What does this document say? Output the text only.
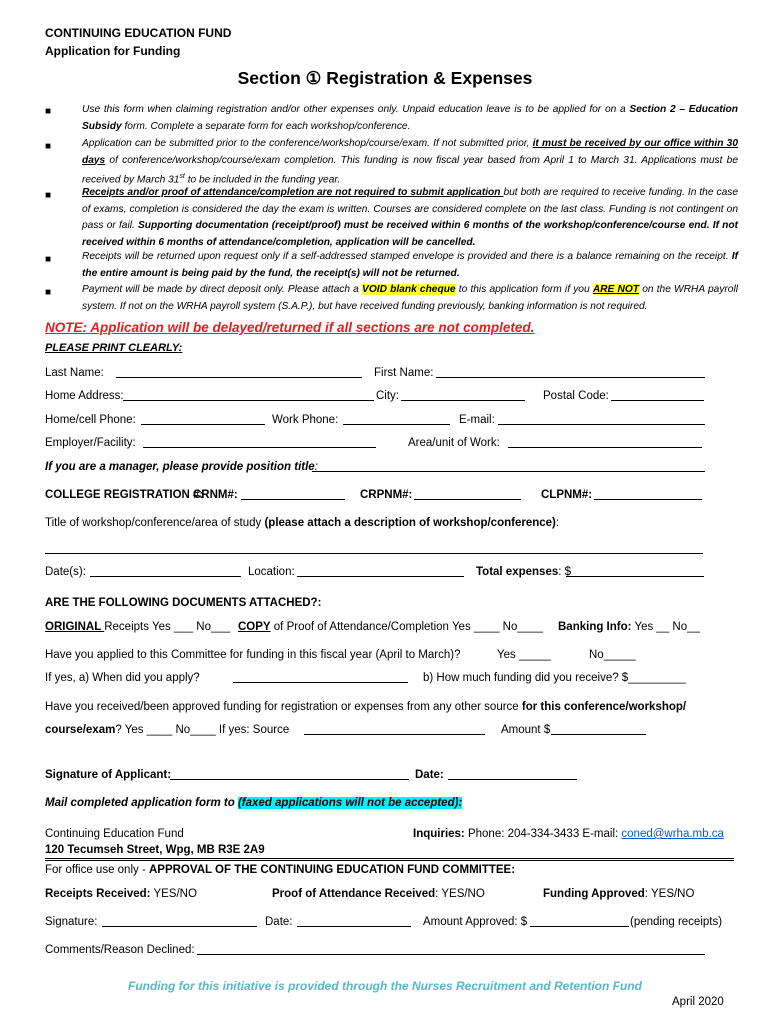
CONTINUING EDUCATION FUND
Application for Funding
Section ① Registration & Expenses
■	Use this form when claiming registration and/or other expenses only. Unpaid education leave is to be applied for on a Section 2 – Education Subsidy form. Complete a separate form for each workshop/conference.
■	Application can be submitted prior to the conference/workshop/course/exam. If not submitted prior, it must be received by our office within 30 days of conference/workshop/course/exam completion. This funding is now fiscal year based from April 1 to March 31. Applications must be received by March 31st to be included in the funding year.
■	Receipts and/or proof of attendance/completion are not required to submit application but both are required to receive funding. In the case of exams, completion is considered the day the exam is written. Courses are considered complete on the last class. Funding is not contingent on pass or fail. Supporting documentation (receipt/proof) must be received within 6 months of the workshop/conference/course end. If not received within 6 months of attendance/completion, application will be cancelled.
■	Receipts will be returned upon request only if a self-addressed stamped envelope is provided and there is a balance remaining on the receipt. If the entire amount is being paid by the fund, the receipt(s) will not be returned.
■	Payment will be made by direct deposit only. Please attach a VOID blank cheque to this application form if you ARE NOT on the WRHA payroll system. If not on the WRHA payroll system (S.A.P.), but have received funding previously, banking information is not required.
NOTE: Application will be delayed/returned if all sections are not completed.
PLEASE PRINT CLEARLY:
Last Name:	First Name:
Home Address:	City:	Postal Code:
Home/cell Phone:	Work Phone:	E-mail:
Employer/Facility:	Area/unit of Work:
If you are a manager, please provide position title:
COLLEGE REGISTRATION #:
CRNM#:	CRPNM#:	CLPNM#:
Title of workshop/conference/area of study (please attach a description of workshop/conference):
Date(s):	Location:	Total expenses: $
ARE THE FOLLOWING DOCUMENTS ATTACHED?:
ORIGINAL Receipts Yes ___ No___ COPY of Proof of Attendance/Completion Yes ____ No____ Banking Info: Yes __ No__
Have you applied to this Committee for funding in this fiscal year (April to March)?	Yes _____	No_____
If yes, a) When did you apply?	b) How much funding did you receive? $_________
Have you received/been approved funding for registration or expenses from any other source for this conference/workshop/
course/exam? Yes ____ No____ If yes: Source	Amount $
Signature of Applicant:	Date:
Mail completed application form to (faxed applications will not be accepted):
Continuing Education Fund
120 Tecumseh Street, Wpg, MB R3E 2A9
Inquiries: Phone: 204-334-3433 E-mail: coned@wrha.mb.ca
For office use only - APPROVAL OF THE CONTINUING EDUCATION FUND COMMITTEE:
Receipts Received: YES/NO	Proof of Attendance Received: YES/NO	Funding Approved: YES/NO
Signature:	Date:	Amount Approved: $	(pending receipts)
Comments/Reason Declined:
Funding for this initiative is provided through the Nurses Recruitment and Retention Fund
April 2020
